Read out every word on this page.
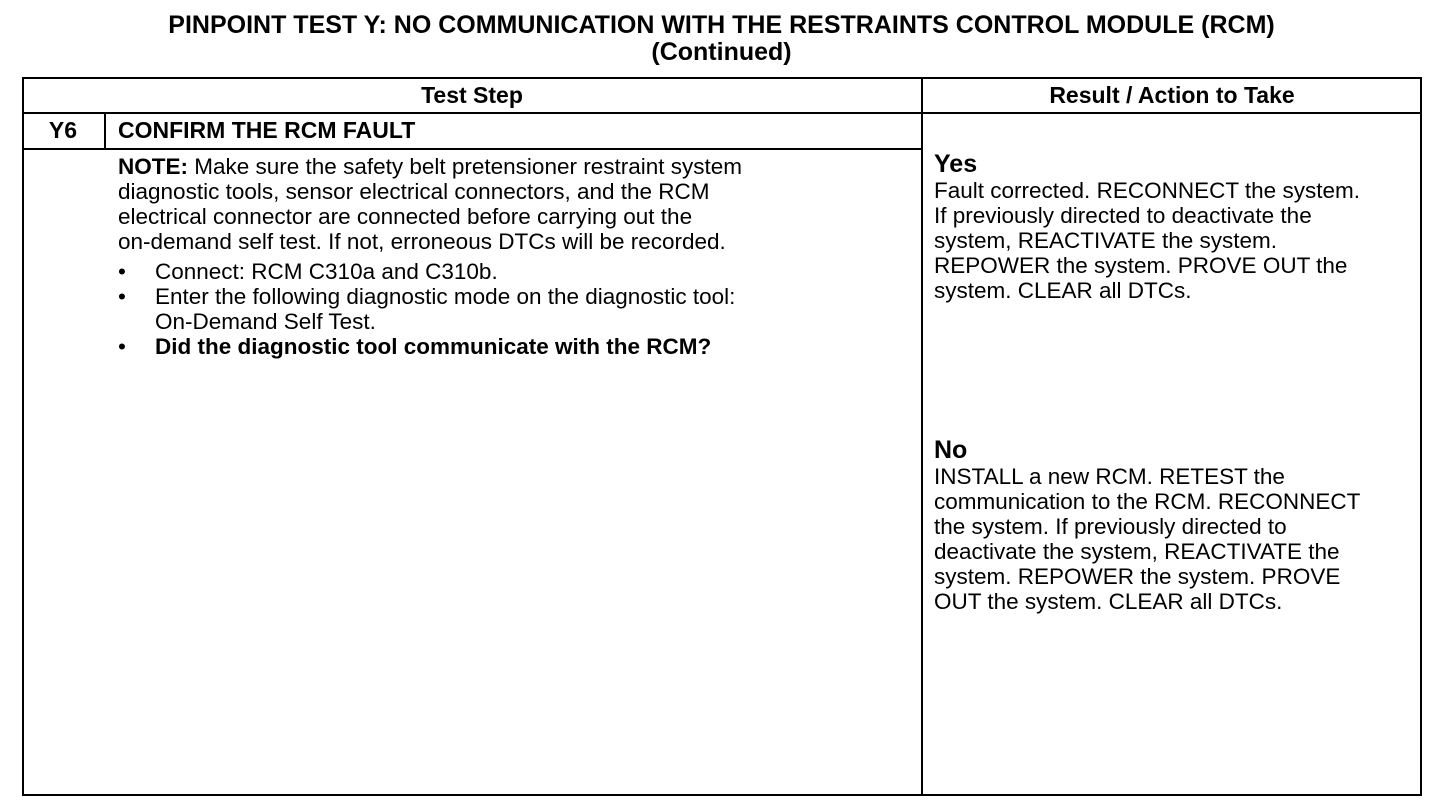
PINPOINT TEST Y: NO COMMUNICATION WITH THE RESTRAINTS CONTROL MODULE (RCM)
(Continued)
Test Step	Result / Action to Take
Y6	CONFIRM THE RCM FAULT
NOTE: Make sure the safety belt pretensioner restraint system
diagnostic tools, sensor electrical connectors, and the RCM
electrical connector are connected before carrying out the
on-demand self test. If not, erroneous DTCs will be recorded.
• Connect: RCM C310a and C310b.
• Enter the following diagnostic mode on the diagnostic tool:
On-Demand Self Test.
• Did the diagnostic tool communicate with the RCM?
Yes
Fault corrected. RECONNECT the system.
If previously directed to deactivate the
system, REACTIVATE the system.
REPOWER the system. PROVE OUT the
system. CLEAR all DTCs.
No
INSTALL a new RCM. RETEST the
communication to the RCM. RECONNECT
the system. If previously directed to
deactivate the system, REACTIVATE the
system. REPOWER the system. PROVE
OUT the system. CLEAR all DTCs.
